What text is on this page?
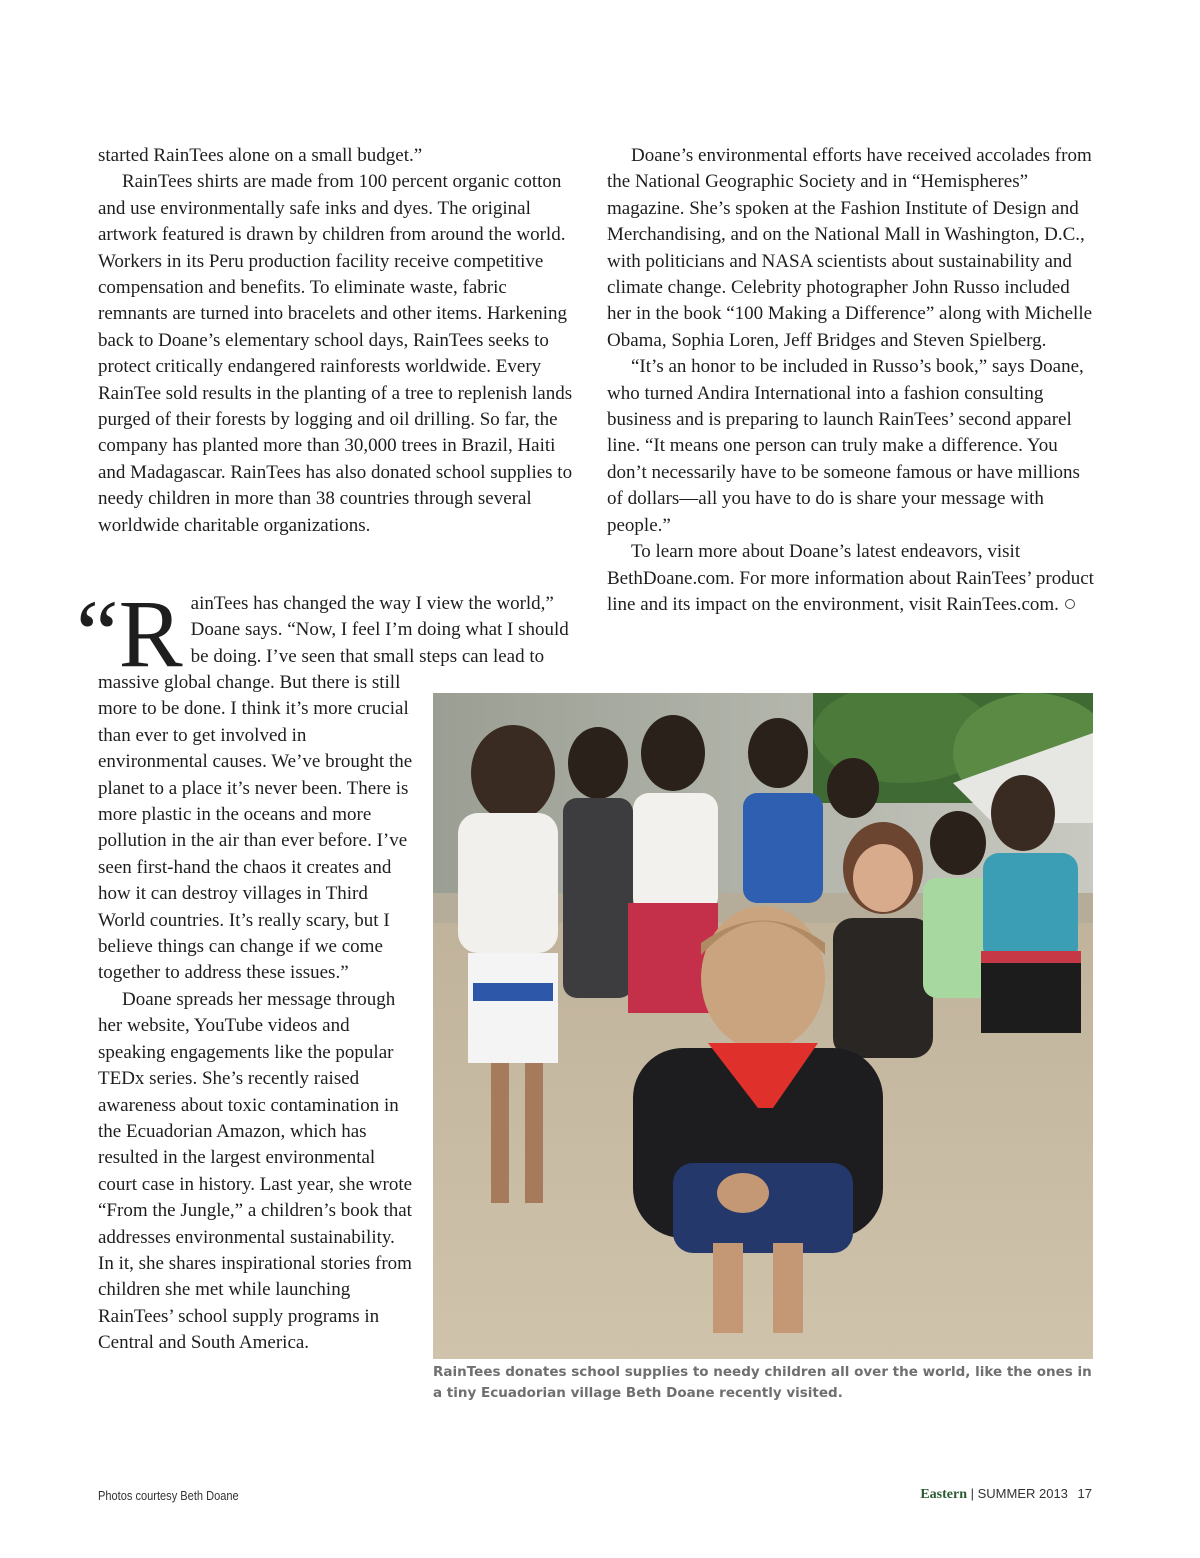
started RainTees alone on a small budget.”

RainTees shirts are made from 100 percent organic cotton and use environmentally safe inks and dyes. The original artwork featured is drawn by children from around the world. Workers in its Peru production facility receive competitive compensation and benefits. To eliminate waste, fabric remnants are turned into bracelets and other items. Harkening back to Doane’s elementary school days, RainTees seeks to protect critically endangered rainforests worldwide. Every RainTee sold results in the planting of a tree to replenish lands purged of their forests by logging and oil drilling. So far, the company has planted more than 30,000 trees in Brazil, Haiti and Madagascar. RainTees has also donated school supplies to needy children in more than 38 countries through several worldwide charitable organizations.

“R ainTees has changed the way I view the world,” Doane says. “Now, I feel I’m doing what I should be doing. I’ve seen that small steps can lead to

massive global change. But there is still more to be done. I think it’s more crucial than ever to get involved in environmental causes. We’ve brought the planet to a place it’s never been. There is more plastic in the oceans and more pollution in the air than ever before. I’ve seen first-hand the chaos it creates and how it can destroy villages in Third World countries. It’s really scary, but I believe things can change if we come together to address these issues.”

Doane spreads her message through her website, YouTube videos and speaking engagements like the popular TEDx series. She’s recently raised awareness about toxic contamination in the Ecuadorian Amazon, which has resulted in the largest environmental court case in history. Last year, she wrote “From the Jungle,” a children’s book that addresses environmental sustainability. In it, she shares inspirational stories from children she met while launching RainTees’ school supply programs in Central and South America.

Doane’s environmental efforts have received accolades from the National Geographic Society and in “Hemispheres” magazine. She’s spoken at the Fashion Institute of Design and Merchandising, and on the National Mall in Washington, D.C., with politicians and NASA scientists about sustainability and climate change. Celebrity photographer John Russo included her in the book “100 Making a Difference” along with Michelle Obama, Sophia Loren, Jeff Bridges and Steven Spielberg.

“It’s an honor to be included in Russo’s book,” says Doane, who turned Andira International into a fashion consulting business and is preparing to launch RainTees’ second apparel line. “It means one person can truly make a difference. You don’t necessarily have to be someone famous or have millions of dollars—all you have to do is share your message with people.”

To learn more about Doane’s latest endeavors, visit BethDoane.com. For more information about RainTees’ product line and its impact on the environment, visit RainTees.com.

RainTees donates school supplies to needy children all over the world, like the ones in a tiny Ecuadorian village Beth Doane recently visited.
Photos courtesy Beth Doane	Eastern | SUMMER 2013 17
